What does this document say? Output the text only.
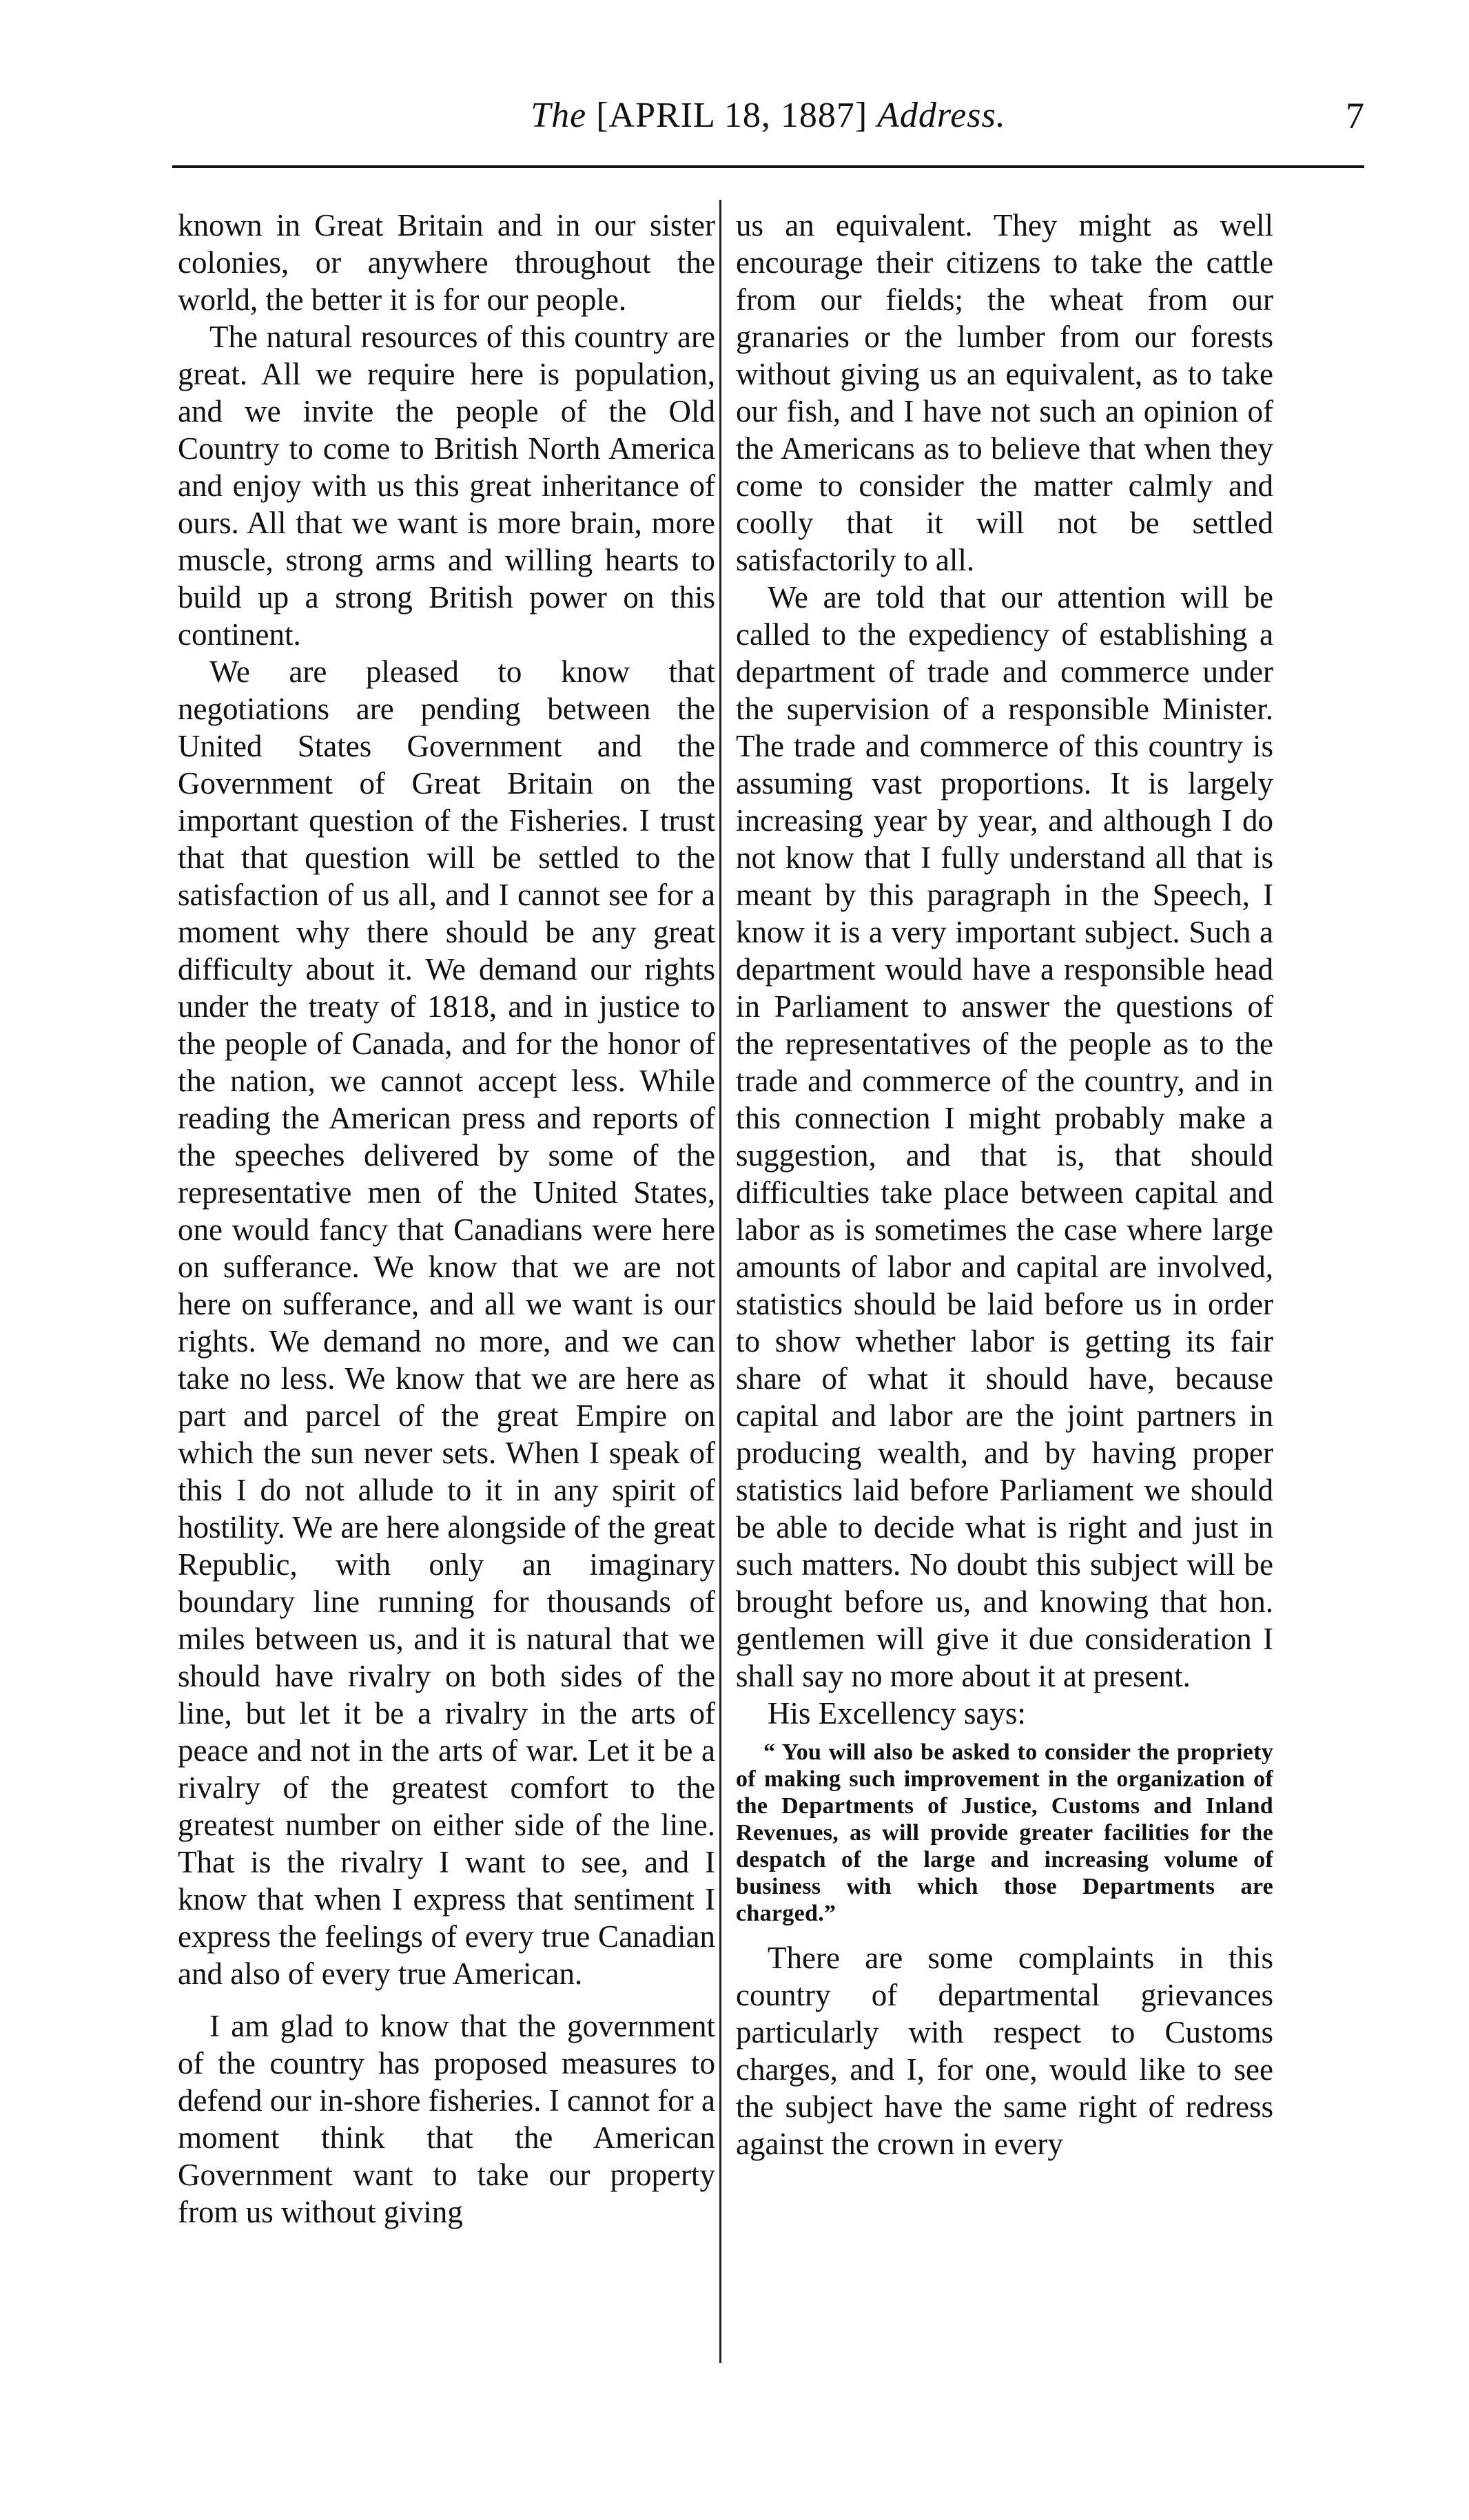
The [APRIL 18, 1887] Address.	7

known in Great Britain and in our sister colonies, or anywhere throughout the world, the better it is for our people.

The natural resources of this country are great. All we require here is population, and we invite the people of the Old Country to come to British North America and enjoy with us this great inheritance of ours. All that we want is more brain, more muscle, strong arms and willing hearts to build up a strong British power on this continent.

We are pleased to know that negotiations are pending between the United States Government and the Government of Great Britain on the important question of the Fisheries. I trust that that question will be settled to the satisfaction of us all, and I cannot see for a moment why there should be any great difficulty about it. We demand our rights under the treaty of 1818, and in justice to the people of Canada, and for the honor of the nation, we cannot accept less. While reading the American press and reports of the speeches delivered by some of the representative men of the United States, one would fancy that Canadians were here on sufferance. We know that we are not here on sufferance, and all we want is our rights. We demand no more, and we can take no less. We know that we are here as part and parcel of the great Empire on which the sun never sets. When I speak of this I do not allude to it in any spirit of hostility. We are here alongside of the great Republic, with only an imaginary boundary line running for thousands of miles between us, and it is natural that we should have rivalry on both sides of the line, but let it be a rivalry in the arts of peace and not in the arts of war. Let it be a rivalry of the greatest comfort to the greatest number on either side of the line. That is the rivalry I want to see, and I know that when I express that sentiment I express the feelings of every true Canadian and also of every true American.

I am glad to know that the government of the country has proposed measures to defend our in-shore fisheries. I cannot for a moment think that the American Government want to take our property from us without giving

us an equivalent. They might as well encourage their citizens to take the cattle from our fields; the wheat from our granaries or the lumber from our forests without giving us an equivalent, as to take our fish, and I have not such an opinion of the Americans as to believe that when they come to consider the matter calmly and coolly that it will not be settled satisfactorily to all.

We are told that our attention will be called to the expediency of establishing a department of trade and commerce under the supervision of a responsible Minister. The trade and commerce of this country is assuming vast proportions. It is largely increasing year by year, and although I do not know that I fully understand all that is meant by this paragraph in the Speech, I know it is a very important subject. Such a department would have a responsible head in Parliament to answer the questions of the representatives of the people as to the trade and commerce of the country, and in this connection I might probably make a suggestion, and that is, that should difficulties take place between capital and labor as is sometimes the case where large amounts of labor and capital are involved, statistics should be laid before us in order to show whether labor is getting its fair share of what it should have, because capital and labor are the joint partners in producing wealth, and by having proper statistics laid before Parliament we should be able to decide what is right and just in such matters. No doubt this subject will be brought before us, and knowing that hon. gentlemen will give it due consideration I shall say no more about it at present.

His Excellency says:

“ You will also be asked to consider the propriety of making such improvement in the organization of the Departments of Justice, Customs and Inland Revenues, as will provide greater facilities for the despatch of the large and increasing volume of business with which those Departments are charged.”

There are some complaints in this country of departmental grievances particularly with respect to Customs charges, and I, for one, would like to see the subject have the same right of redress against the crown in every
